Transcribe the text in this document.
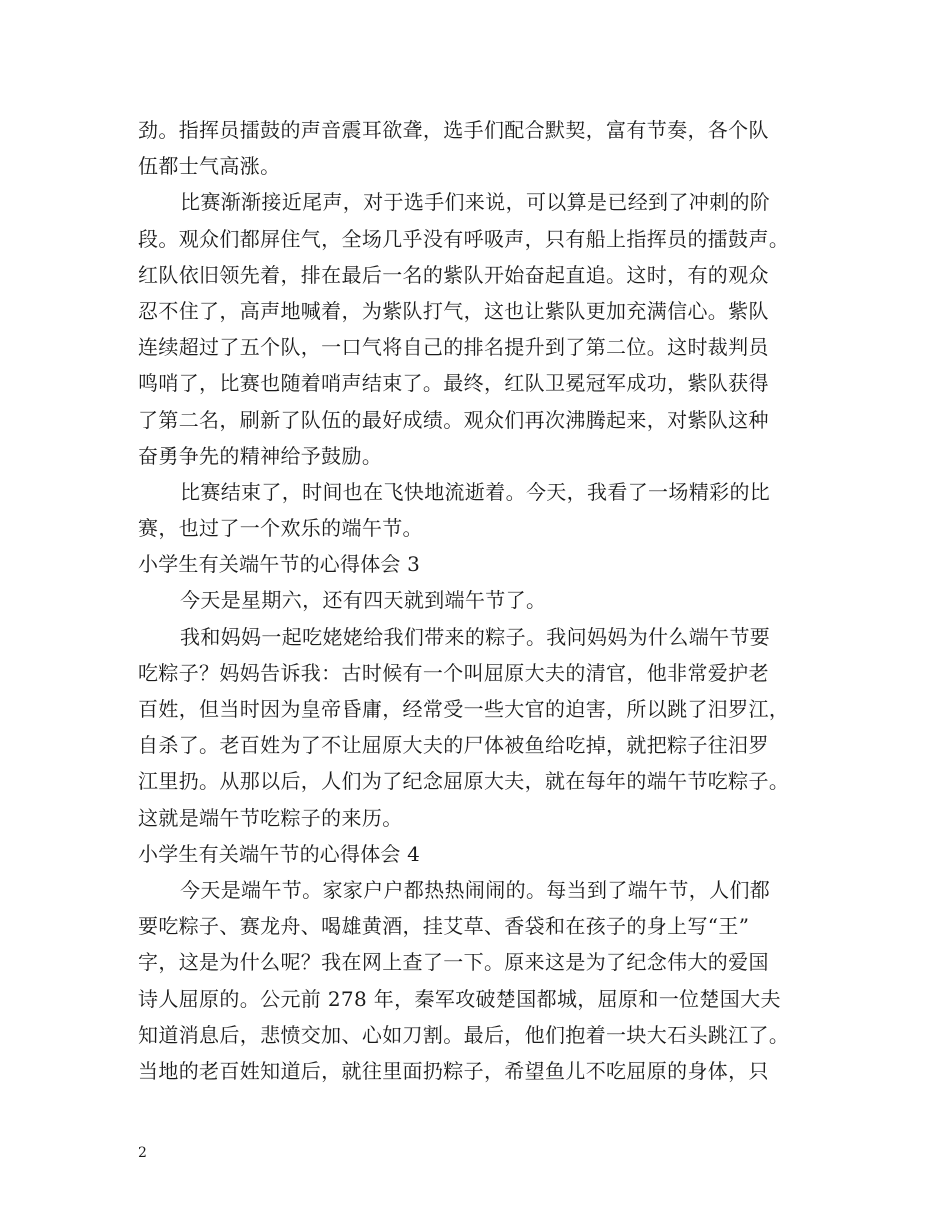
劲。指挥员擂鼓的声音震耳欲聋，选手们配合默契，富有节奏，各个队
伍都士气高涨。
比赛渐渐接近尾声，对于选手们来说，可以算是已经到了冲刺的阶
段。观众们都屏住气，全场几乎没有呼吸声，只有船上指挥员的擂鼓声。
红队依旧领先着，排在最后一名的紫队开始奋起直追。这时，有的观众
忍不住了，高声地喊着，为紫队打气，这也让紫队更加充满信心。紫队
连续超过了五个队，一口气将自己的排名提升到了第二位。这时裁判员
鸣哨了，比赛也随着哨声结束了。最终，红队卫冕冠军成功，紫队获得
了第二名，刷新了队伍的最好成绩。观众们再次沸腾起来，对紫队这种
奋勇争先的精神给予鼓励。
比赛结束了，时间也在飞快地流逝着。今天，我看了一场精彩的比
赛，也过了一个欢乐的端午节。
小学生有关端午节的心得体会 3
今天是星期六，还有四天就到端午节了。
我和妈妈一起吃姥姥给我们带来的粽子。我问妈妈为什么端午节要
吃粽子？妈妈告诉我：古时候有一个叫屈原大夫的清官，他非常爱护老
百姓，但当时因为皇帝昏庸，经常受一些大官的迫害，所以跳了汨罗江，
自杀了。老百姓为了不让屈原大夫的尸体被鱼给吃掉，就把粽子往汨罗
江里扔。从那以后，人们为了纪念屈原大夫，就在每年的端午节吃粽子。
这就是端午节吃粽子的来历。
小学生有关端午节的心得体会 4
今天是端午节。家家户户都热热闹闹的。每当到了端午节，人们都
要吃粽子、赛龙舟、喝雄黄酒，挂艾草、香袋和在孩子的身上写“王”
字，这是为什么呢？我在网上查了一下。原来这是为了纪念伟大的爱国
诗人屈原的。公元前 278 年，秦军攻破楚国都城，屈原和一位楚国大夫
知道消息后，悲愤交加、心如刀割。最后，他们抱着一块大石头跳江了。
当地的老百姓知道后，就往里面扔粽子，希望鱼儿不吃屈原的身体，只
2
